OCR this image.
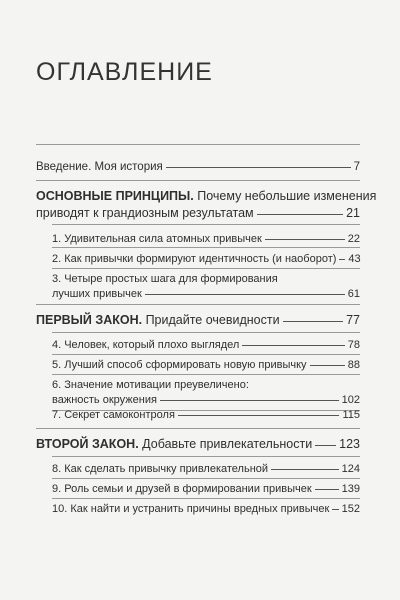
ОГЛАВЛЕНИЕ
Введение. Моя история	7
ОСНОВНЫЕ ПРИНЦИПЫ. Почему небольшие изменения
приводят к грандиозным результатам	21
1. Удивительная сила атомных привычек	22
2. Как привычки формируют идентичность (и наоборот) 43
3. Четыре простых шага для формирования
лучших привычек	61
ПЕРВЫЙ ЗАКОН. Придайте очевидности	77
4. Человек, который плохо выглядел	78
5. Лучший способ сформировать новую привычку	88
6. Значение мотивации преувеличено:
важность окружения	102
7. Секрет самоконтроля	115
ВТОРОЙ ЗАКОН. Добавьте привлекательности 123
8. Как сделать привычку привлекательной	124
9. Роль семьи и друзей в формировании привычек	139
10. Как найти и устранить причины вредных привычек 152
